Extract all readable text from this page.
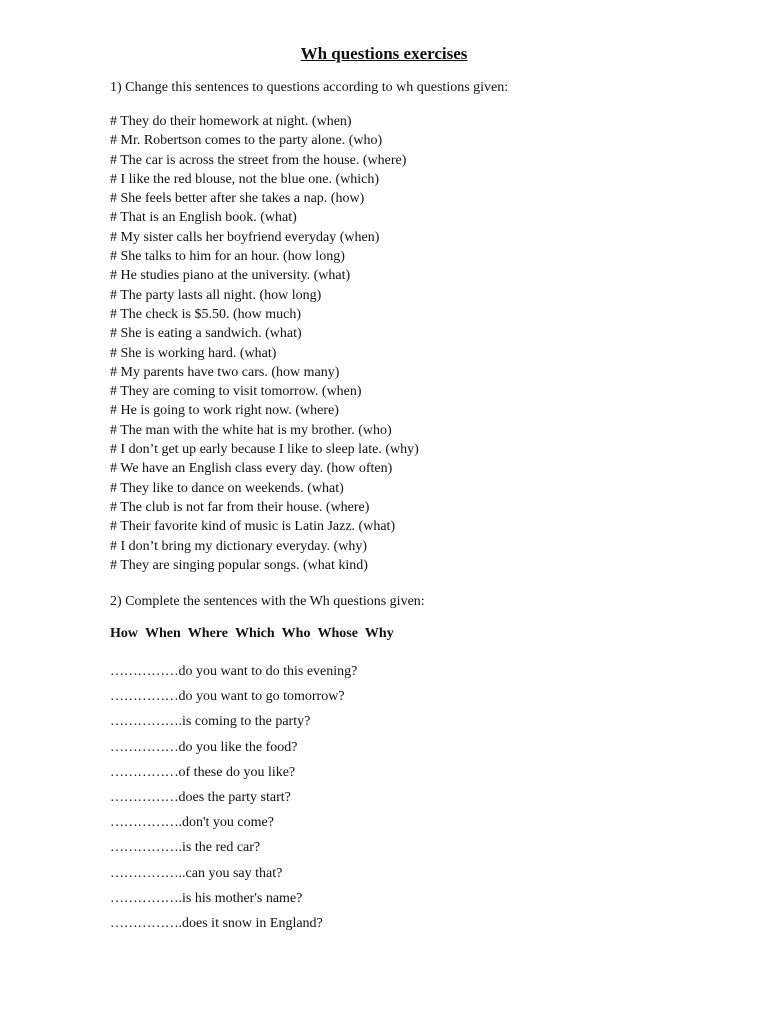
Wh questions exercises

1) Change this sentences to questions according to wh questions given:

# They do their homework at night. (when)
# Mr. Robertson comes to the party alone. (who)
# The car is across the street from the house. (where)
# I like the red blouse, not the blue one. (which)
# She feels better after she takes a nap. (how)
# That is an English book. (what)
# My sister calls her boyfriend everyday (when)
# She talks to him for an hour. (how long)
# He studies piano at the university. (what)
# The party lasts all night. (how long)
# The check is $5.50. (how much)
# She is eating a sandwich. (what)
# She is working hard. (what)
# My parents have two cars. (how many)
# They are coming to visit tomorrow. (when)
# He is going to work right now. (where)
# The man with the white hat is my brother. (who)
# I don’t get up early because I like to sleep late. (why)
# We have an English class every day. (how often)
# They like to dance on weekends. (what)
# The club is not far from their house. (where)
# Their favorite kind of music is Latin Jazz. (what)
# I don’t bring my dictionary everyday. (why)
# They are singing popular songs. (what kind)

2) Complete the sentences with the Wh questions given:

How When Where Which Who Whose Why

……………do you want to do this evening?
……………do you want to go tomorrow?
…………….is coming to the party?
……………do you like the food?
……………of these do you like?
……………does the party start?
…………….don't you come?
…………….is the red car?
……………..can you say that?
…………….is his mother's name?
…………….does it snow in England?
